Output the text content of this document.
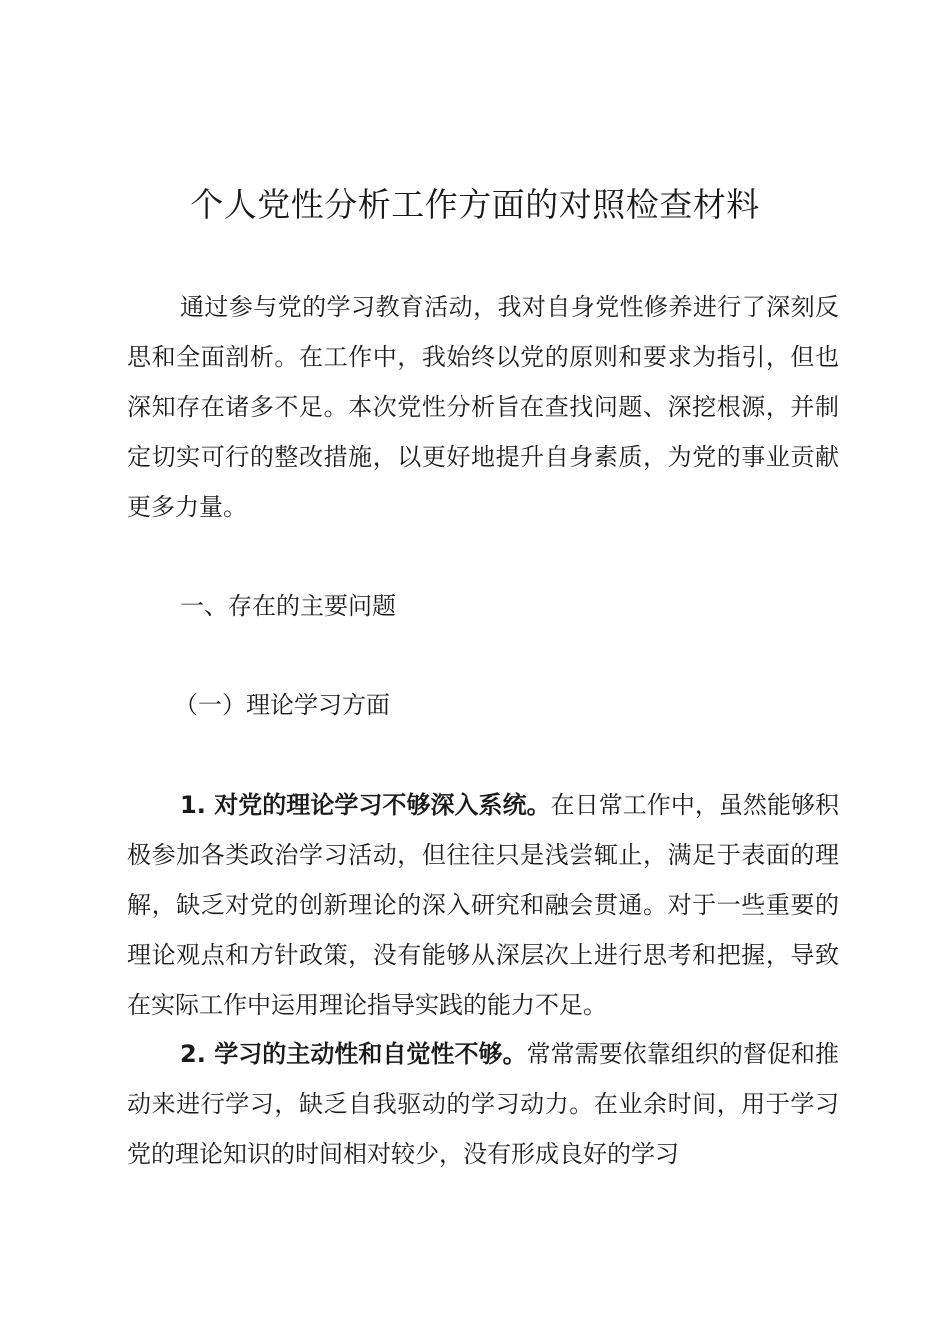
个人党性分析工作方面的对照检查材料

通过参与党的学习教育活动，我对自身党性修养进行了深刻反思和全面剖析。在工作中，我始终以党的原则和要求为指引，但也深知存在诸多不足。本次党性分析旨在查找问题、深挖根源，并制定切实可行的整改措施，以更好地提升自身素质，为党的事业贡献更多力量。

一、存在的主要问题

（一）理论学习方面

1. 对党的理论学习不够深入系统。在日常工作中，虽然能够积极参加各类政治学习活动，但往往只是浅尝辄止，满足于表面的理解，缺乏对党的创新理论的深入研究和融会贯通。对于一些重要的理论观点和方针政策，没有能够从深层次上进行思考和把握，导致在实际工作中运用理论指导实践的能力不足。

2. 学习的主动性和自觉性不够。常常需要依靠组织的督促和推动来进行学习，缺乏自我驱动的学习动力。在业余时间，用于学习党的理论知识的时间相对较少，没有形成良好的学习
